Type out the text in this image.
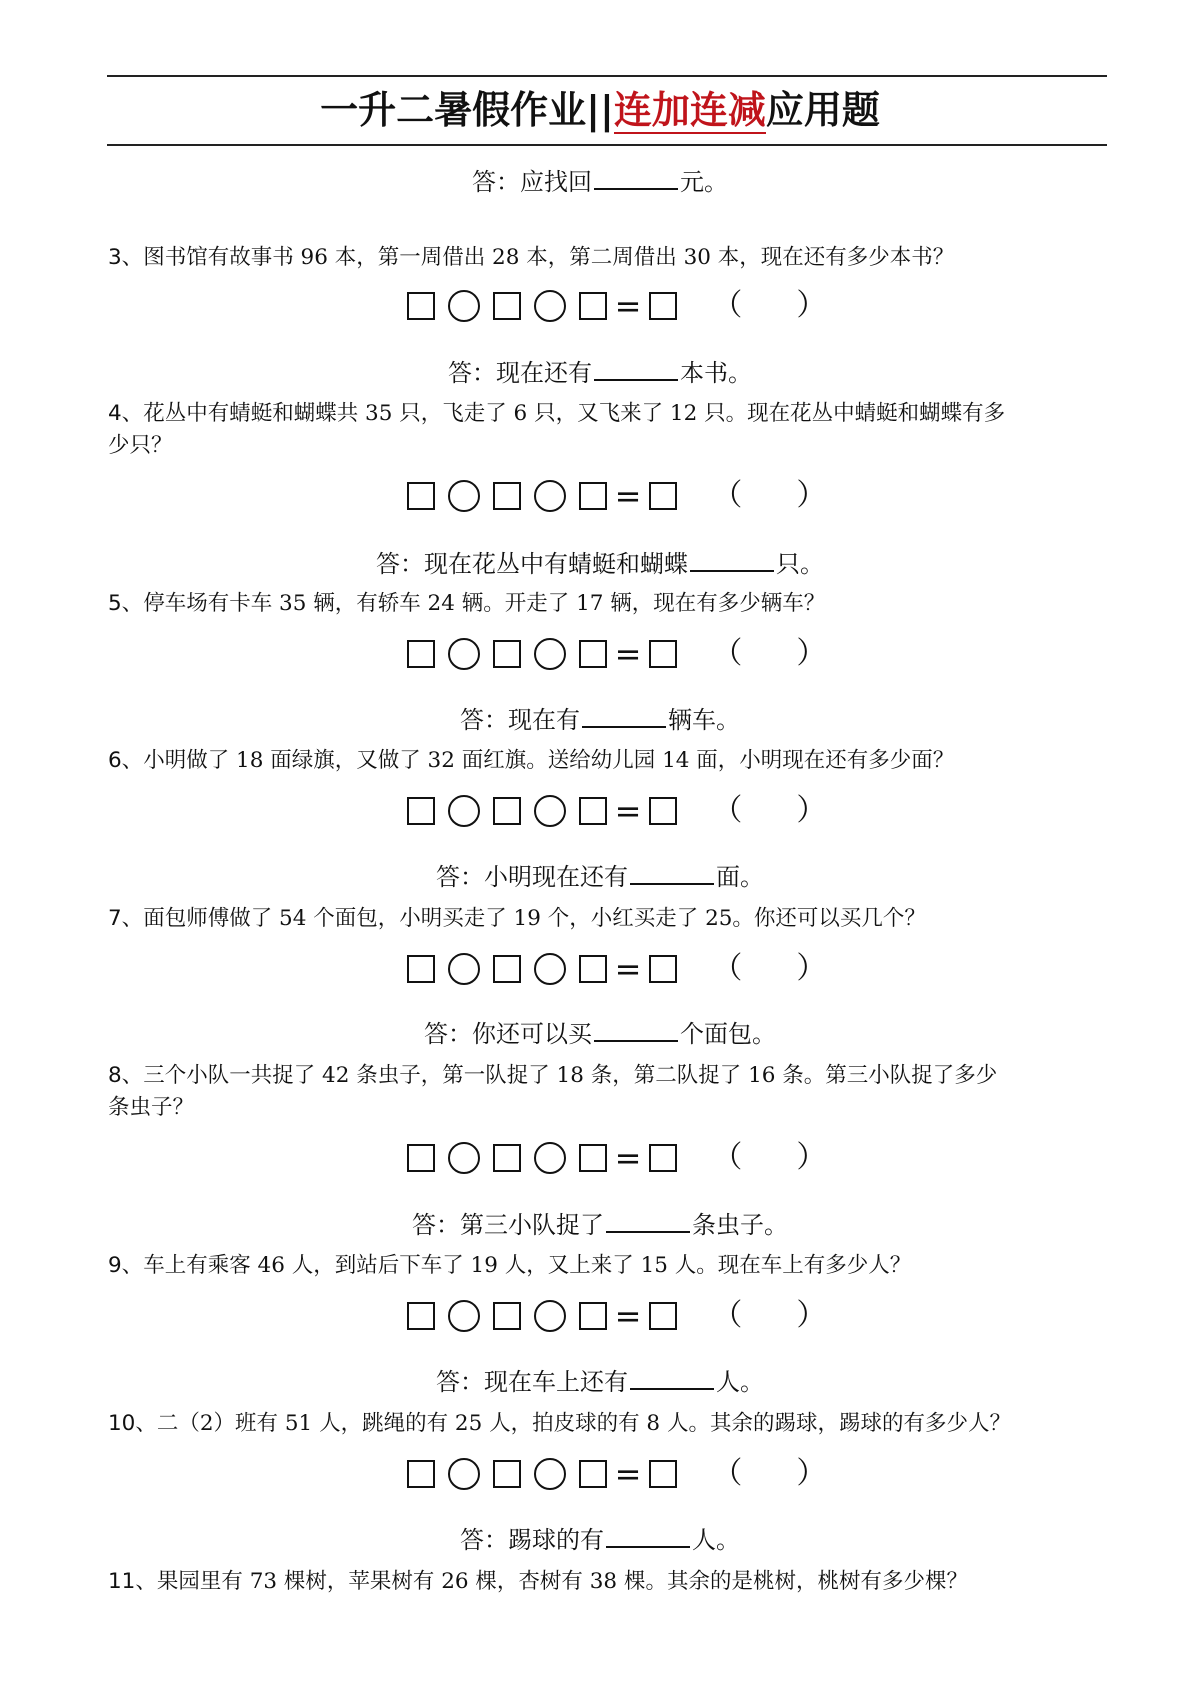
一升二暑假作业||连加连减应用题
答：应找回	元。
3、图书馆有故事书 96 本，第一周借出 28 本，第二周借出 30 本，现在还有多少本书？
= （ ）
答：现在还有	本书。
4、花丛中有蜻蜓和蝴蝶共 35 只，飞走了 6 只，又飞来了 12 只。现在花丛中蜻蜓和蝴蝶有多
少只？
= （ ）
答：现在花丛中有蜻蜓和蝴蝶	只。
5、停车场有卡车 35 辆，有轿车 24 辆。开走了 17 辆，现在有多少辆车？
= （ ）
答：现在有	辆车。
6、小明做了 18 面绿旗，又做了 32 面红旗。送给幼儿园 14 面，小明现在还有多少面？
= （ ）
答：小明现在还有	面。
7、面包师傅做了 54 个面包，小明买走了 19 个，小红买走了 25。你还可以买几个？
= （ ）
答：你还可以买	个面包。
8、三个小队一共捉了 42 条虫子，第一队捉了 18 条，第二队捉了 16 条。第三小队捉了多少
条虫子？
= （ ）
答：第三小队捉了	条虫子。
9、车上有乘客 46 人，到站后下车了 19 人，又上来了 15 人。现在车上有多少人？
= （ ）
答：现在车上还有	人。
10、二（2）班有 51 人，跳绳的有 25 人，拍皮球的有 8 人。其余的踢球，踢球的有多少人？
= （ ）
答：踢球的有	人。
11、果园里有 73 棵树，苹果树有 26 棵，杏树有 38 棵。其余的是桃树，桃树有多少棵？
